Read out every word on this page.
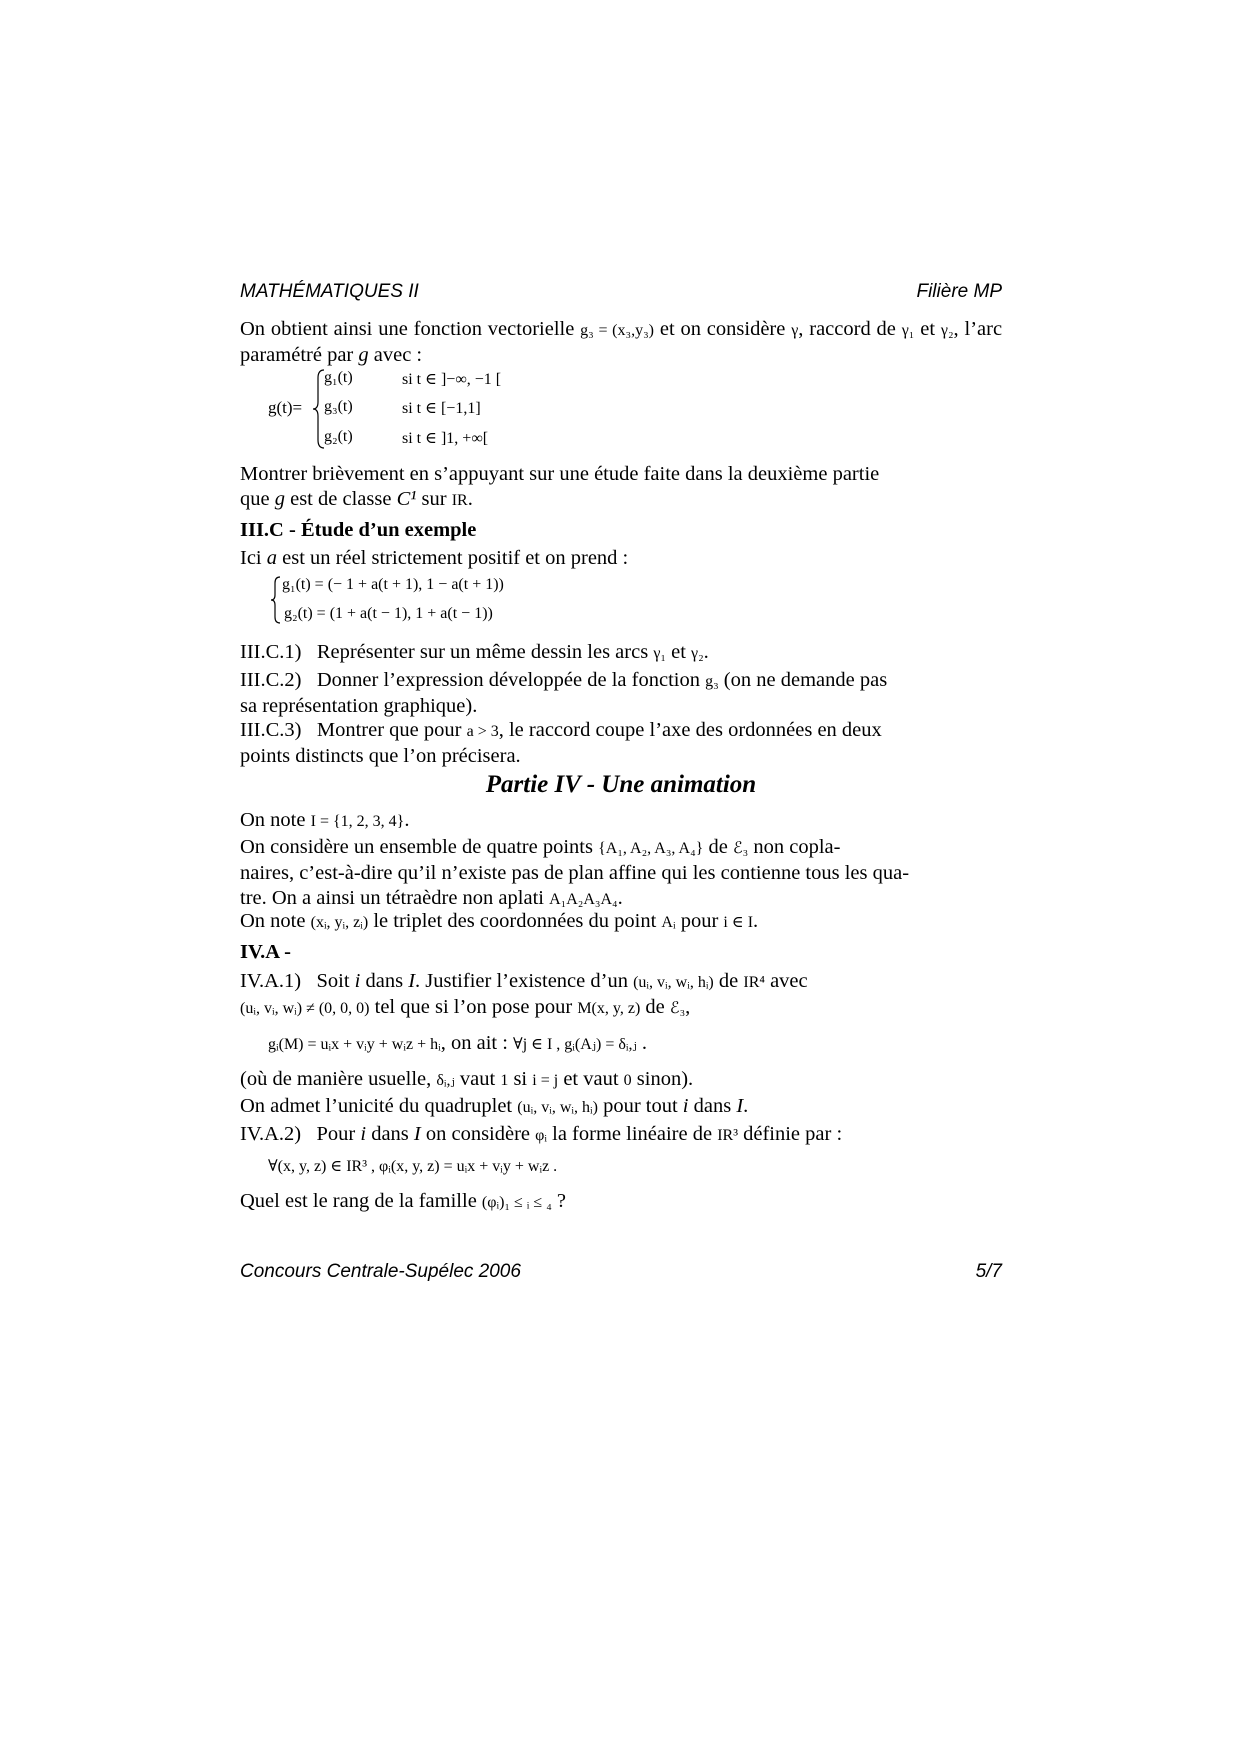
MATHÉMATIQUES II	Filière MP
On obtient ainsi une fonction vectorielle g₃ = (x₃,y₃) et on considère γ, raccord de γ₁ et γ₂, l’arc paramétré par g avec :
g(t)=
g₁(t)	si t ∈ ]−∞, −1 [
g₃(t)	si t ∈ [−1,1]
g₂(t)	si t ∈ ]1, +∞[
Montrer brièvement en s’appuyant sur une étude faite dans la deuxième partie
que g est de classe C¹ sur IR.
III.C - Étude d’un exemple
Ici a est un réel strictement positif et on prend :
g₁(t) = (− 1 + a(t + 1), 1 − a(t + 1))
g₂(t) = (1 + a(t − 1), 1 + a(t − 1))
III.C.1) Représenter sur un même dessin les arcs γ₁ et γ₂.
III.C.2) Donner l’expression développée de la fonction g₃ (on ne demande pas
sa représentation graphique).
III.C.3) Montrer que pour a > 3, le raccord coupe l’axe des ordonnées en deux
points distincts que l’on précisera.
Partie IV - Une animation
On note I = {1, 2, 3, 4}.
On considère un ensemble de quatre points {A₁, A₂, A₃, A₄} de ℰ₃ non copla-
naires, c’est-à-dire qu’il n’existe pas de plan affine qui les contienne tous les qua-
tre. On a ainsi un tétraèdre non aplati A₁A₂A₃A₄.
On note (xᵢ, yᵢ, zᵢ) le triplet des coordonnées du point Aᵢ pour i ∈ I.
IV.A -
IV.A.1) Soit i dans I. Justifier l’existence d’un (uᵢ, vᵢ, wᵢ, hᵢ) de IR⁴ avec
(uᵢ, vᵢ, wᵢ) ≠ (0, 0, 0) tel que si l’on pose pour M(x, y, z) de ℰ₃,
gᵢ(M) = uᵢx + vᵢy + wᵢz + hᵢ, on ait : ∀j ∈ I , gᵢ(Aⱼ) = δᵢ,ⱼ .
(où de manière usuelle, δᵢ,ⱼ vaut 1 si i = j et vaut 0 sinon).
On admet l’unicité du quadruplet (uᵢ, vᵢ, wᵢ, hᵢ) pour tout i dans I.
IV.A.2) Pour i dans I on considère φᵢ la forme linéaire de IR³ définie par :
∀(x, y, z) ∈ IR³ , φᵢ(x, y, z) = uᵢx + vᵢy + wᵢz .
Quel est le rang de la famille (φᵢ)₁ ≤ ᵢ ≤ ₄ ?
Concours Centrale-Supélec 2006	5/7
